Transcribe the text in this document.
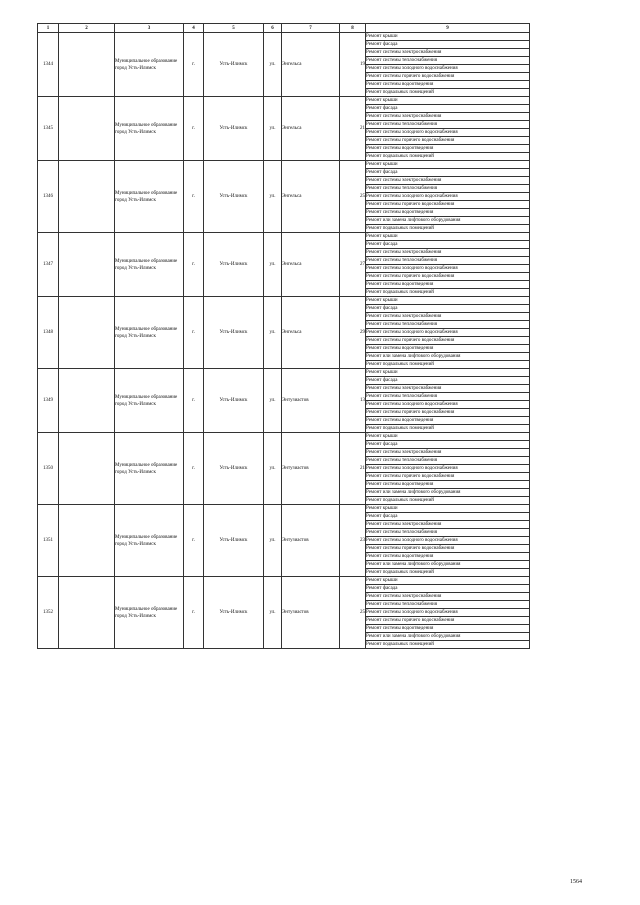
1	2	3	4	5	6	7	8	9
1344		Муниципальное образование город Усть-Илимск	г.	Усть-Илимск	ул.	Энгельса	19	Ремонт крыши
								Ремонт фасада
								Ремонт системы электроснабжения
								Ремонт системы теплоснабжения
								Ремонт системы холодного водоснабжения
								Ремонт системы горячего водоснабжения
								Ремонт системы водоотведения
								Ремонт подвальных помещений
1345		Муниципальное образование город Усть-Илимск	г.	Усть-Илимск	ул.	Энгельса	21	Ремонт крыши
								Ремонт фасада
								Ремонт системы электроснабжения
								Ремонт системы теплоснабжения
								Ремонт системы холодного водоснабжения
								Ремонт системы горячего водоснабжения
								Ремонт системы водоотведения
								Ремонт подвальных помещений
1346		Муниципальное образование город Усть-Илимск	г.	Усть-Илимск	ул.	Энгельса	25	Ремонт крыши
								Ремонт фасада
								Ремонт системы электроснабжения
								Ремонт системы теплоснабжения
								Ремонт системы холодного водоснабжения
								Ремонт системы горячего водоснабжения
								Ремонт системы водоотведения
								Ремонт или замена лифтового оборудования
								Ремонт подвальных помещений
1347		Муниципальное образование город Усть-Илимск	г.	Усть-Илимск	ул.	Энгельса	27	Ремонт крыши
								Ремонт фасада
								Ремонт системы электроснабжения
								Ремонт системы теплоснабжения
								Ремонт системы холодного водоснабжения
								Ремонт системы горячего водоснабжения
								Ремонт системы водоотведения
								Ремонт подвальных помещений
1348		Муниципальное образование город Усть-Илимск	г.	Усть-Илимск	ул.	Энгельса	29	Ремонт крыши
								Ремонт фасада
								Ремонт системы электроснабжения
								Ремонт системы теплоснабжения
								Ремонт системы холодного водоснабжения
								Ремонт системы горячего водоснабжения
								Ремонт системы водоотведения
								Ремонт или замена лифтового оборудования
								Ремонт подвальных помещений
1349		Муниципальное образование город Усть-Илимск	г.	Усть-Илимск	ул.	Энтузиастов	13	Ремонт крыши
								Ремонт фасада
								Ремонт системы электроснабжения
								Ремонт системы теплоснабжения
								Ремонт системы холодного водоснабжения
								Ремонт системы горячего водоснабжения
								Ремонт системы водоотведения
								Ремонт подвальных помещений
1350		Муниципальное образование город Усть-Илимск	г.	Усть-Илимск	ул.	Энтузиастов	21	Ремонт крыши
								Ремонт фасада
								Ремонт системы электроснабжения
								Ремонт системы теплоснабжения
								Ремонт системы холодного водоснабжения
								Ремонт системы горячего водоснабжения
								Ремонт системы водоотведения
								Ремонт или замена лифтового оборудования
								Ремонт подвальных помещений
1351		Муниципальное образование город Усть-Илимск	г.	Усть-Илимск	ул.	Энтузиастов	23	Ремонт крыши
								Ремонт фасада
								Ремонт системы электроснабжения
								Ремонт системы теплоснабжения
								Ремонт системы холодного водоснабжения
								Ремонт системы горячего водоснабжения
								Ремонт системы водоотведения
								Ремонт или замена лифтового оборудования
								Ремонт подвальных помещений
1352		Муниципальное образование город Усть-Илимск	г.	Усть-Илимск	ул.	Энтузиастов	25	Ремонт крыши
								Ремонт фасада
								Ремонт системы электроснабжения
								Ремонт системы теплоснабжения
								Ремонт системы холодного водоснабжения
								Ремонт системы горячего водоснабжения
								Ремонт системы водоотведения
								Ремонт или замена лифтового оборудования
								Ремонт подвальных помещений
1564
